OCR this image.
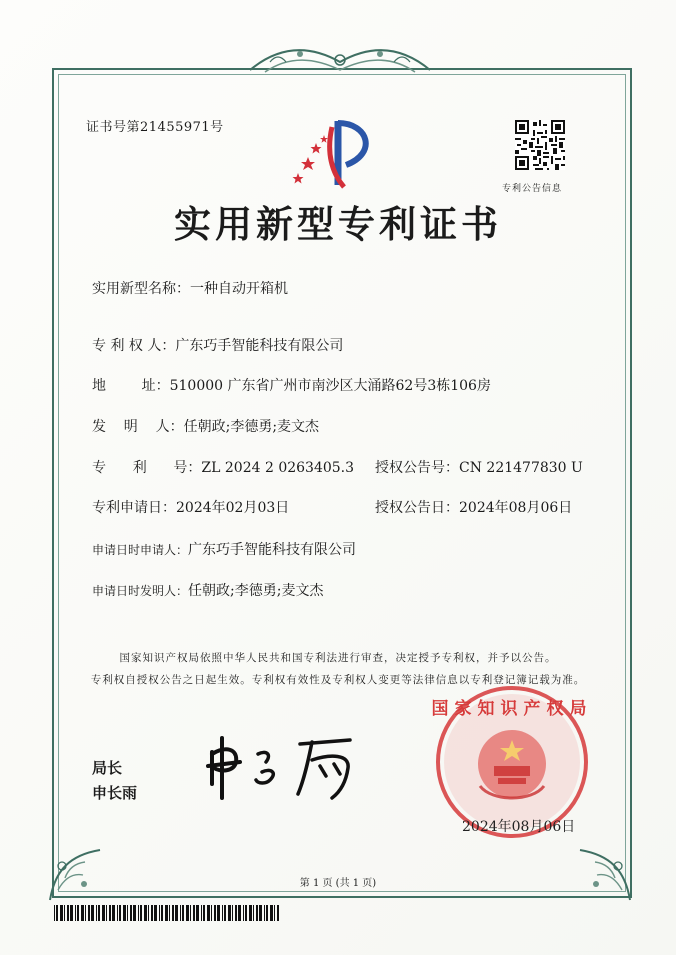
证书号第21455971号
专利公告信息
实用新型专利证书
实用新型名称：一种自动开箱机
专 利 权 人：广东巧手智能科技有限公司
地        址：510000 广东省广州市南沙区大涌路62号3栋106房
发    明    人：任朝政;李德勇;麦文杰
专      利      号：ZL 2024 2 0263405.3 授权公告号：CN 221477830 U
专利申请日：2024年02月03日	授权公告日：2024年08月06日
申请日时申请人：广东巧手智能科技有限公司
申请日时发明人：任朝政;李德勇;麦文杰
国家知识产权局依照中华人民共和国专利法进行审查，决定授予专利权，并予以公告。
专利权自授权公告之日起生效。专利权有效性及专利权人变更等法律信息以专利登记簿记载为准。
局长
申长雨
国家知识产权局
2024年08月06日
第 1 页 (共 1 页)
